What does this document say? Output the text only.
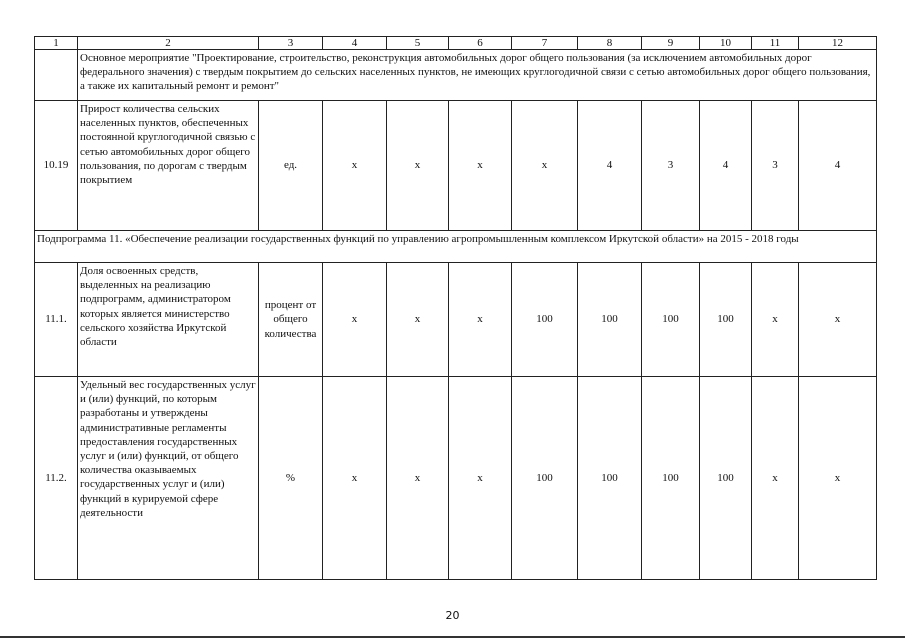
1	2	3	4	5	6	7	8	9	10	11	12
	Основное мероприятие "Проектирование, строительство, реконструкция автомобильных дорог общего пользования (за исключением автомобильных дорог федерального значения) с твердым покрытием до сельских населенных пунктов, не имеющих круглогодичной связи с сетью автомобильных дорог общего пользования, а также их капитальный ремонт и ремонт"										
10.19	Прирост количества сельских населенных пунктов, обеспеченных постоянной круглогодичной связью с сетью автомобильных дорог общего пользования, по дорогам с твердым покрытием	ед.	х	х	х	х	4	3	4	3	4
Подпрограмма 11. «Обеспечение реализации государственных функций по управлению агропромышленным комплексом Иркутской области» на 2015 - 2018 годы											
11.1.	Доля освоенных средств, выделенных на реализацию подпрограмм, администратором которых является министерство сельского хозяйства Иркутской области	процент от общего количества	х	х	х	100	100	100	100	х	х
11.2.	Удельный вес государственных услуг и (или) функций, по которым разработаны и утверждены административные регламенты предоставления государственных услуг и (или) функций, от общего количества оказываемых государственных услуг и (или) функций в курируемой сфере деятельности	%	х	х	х	100	100	100	100	х	х
20
